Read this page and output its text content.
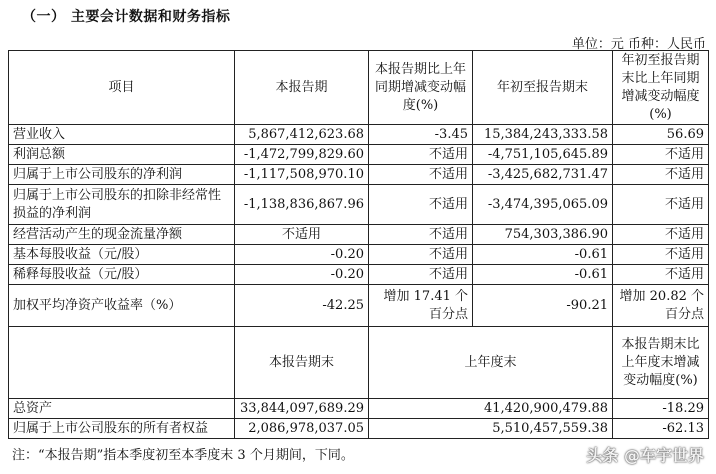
（一） 主要会计数据和财务指标
单位：元 币种：人民币
项目	本报告期	本报告期比上年同期增减变动幅度(%)	年初至报告期末	年初至报告期末比上年同期增减变动幅度(%)
营业收入	5,867,412,623.68	-3.45	15,384,243,333.58	56.69
利润总额	-1,472,799,829.60	不适用	-4,751,105,645.89	不适用
归属于上市公司股东的净利润	-1,117,508,970.10	不适用	-3,425,682,731.47	不适用
归属于上市公司股东的扣除非经常性损益的净利润	-1,138,836,867.96	不适用	-3,474,395,065.09	不适用
经营活动产生的现金流量净额	不适用	不适用	754,303,386.90	不适用
基本每股收益（元/股）	-0.20	不适用	-0.61	不适用
稀释每股收益（元/股）	-0.20	不适用	-0.61	不适用
加权平均净资产收益率（%）	-42.25	增加 17.41 个百分点	-90.21	增加 20.82 个百分点
	本报告期末	上年度末		本报告期末比上年度末增减变动幅度(%)
总资产	33,844,097,689.29	41,420,900,479.88		-18.29
归属于上市公司股东的所有者权益	2,086,978,037.05	5,510,457,559.38		-62.13
注：“本报告期”指本季度初至本季度末 3 个月期间，下同。	头条 @车宇世界
